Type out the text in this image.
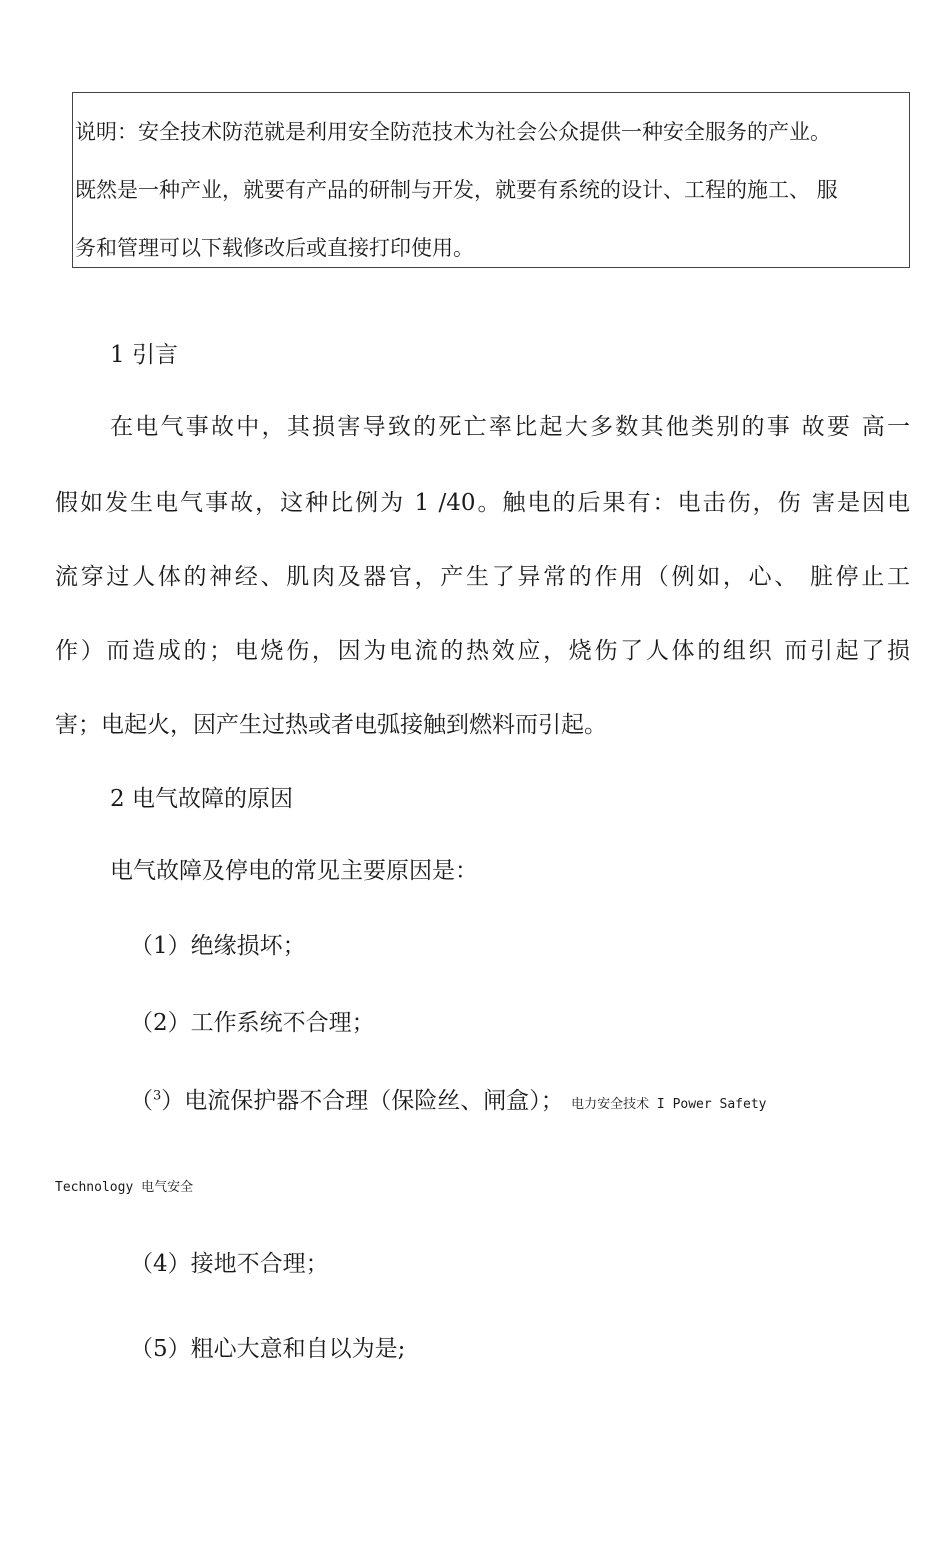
说明：安全技术防范就是利用安全防范技术为社会公众提供一种安全服务的产业。

既然是一种产业，就要有产品的研制与开发，就要有系统的设计、工程的施工、 服

务和管理可以下载修改后或直接打印使用。

1 引言

在电气事故中，其损害导致的死亡率比起大多数其他类别的事 故要 高一

假如发生电气事故，这种比例为 1 /40。触电的后果有：电击伤，伤 害是因电

流穿过人体的神经、肌肉及器官，产生了异常的作用（例如，心、 脏停止工

作）而造成的；电烧伤，因为电流的热效应，烧伤了人体的组织 而引起了损

害；电起火，因产生过热或者电弧接触到燃料而引起。

2 电气故障的原因

电气故障及停电的常见主要原因是：

（1）绝缘损坏；

（2）工作系统不合理；

（$^3$）电流保护器不合理（保险丝、闸盒）； 电力安全技术 I Power Safety

Technology 电气安全

（4）接地不合理；

（5）粗心大意和自以为是;
